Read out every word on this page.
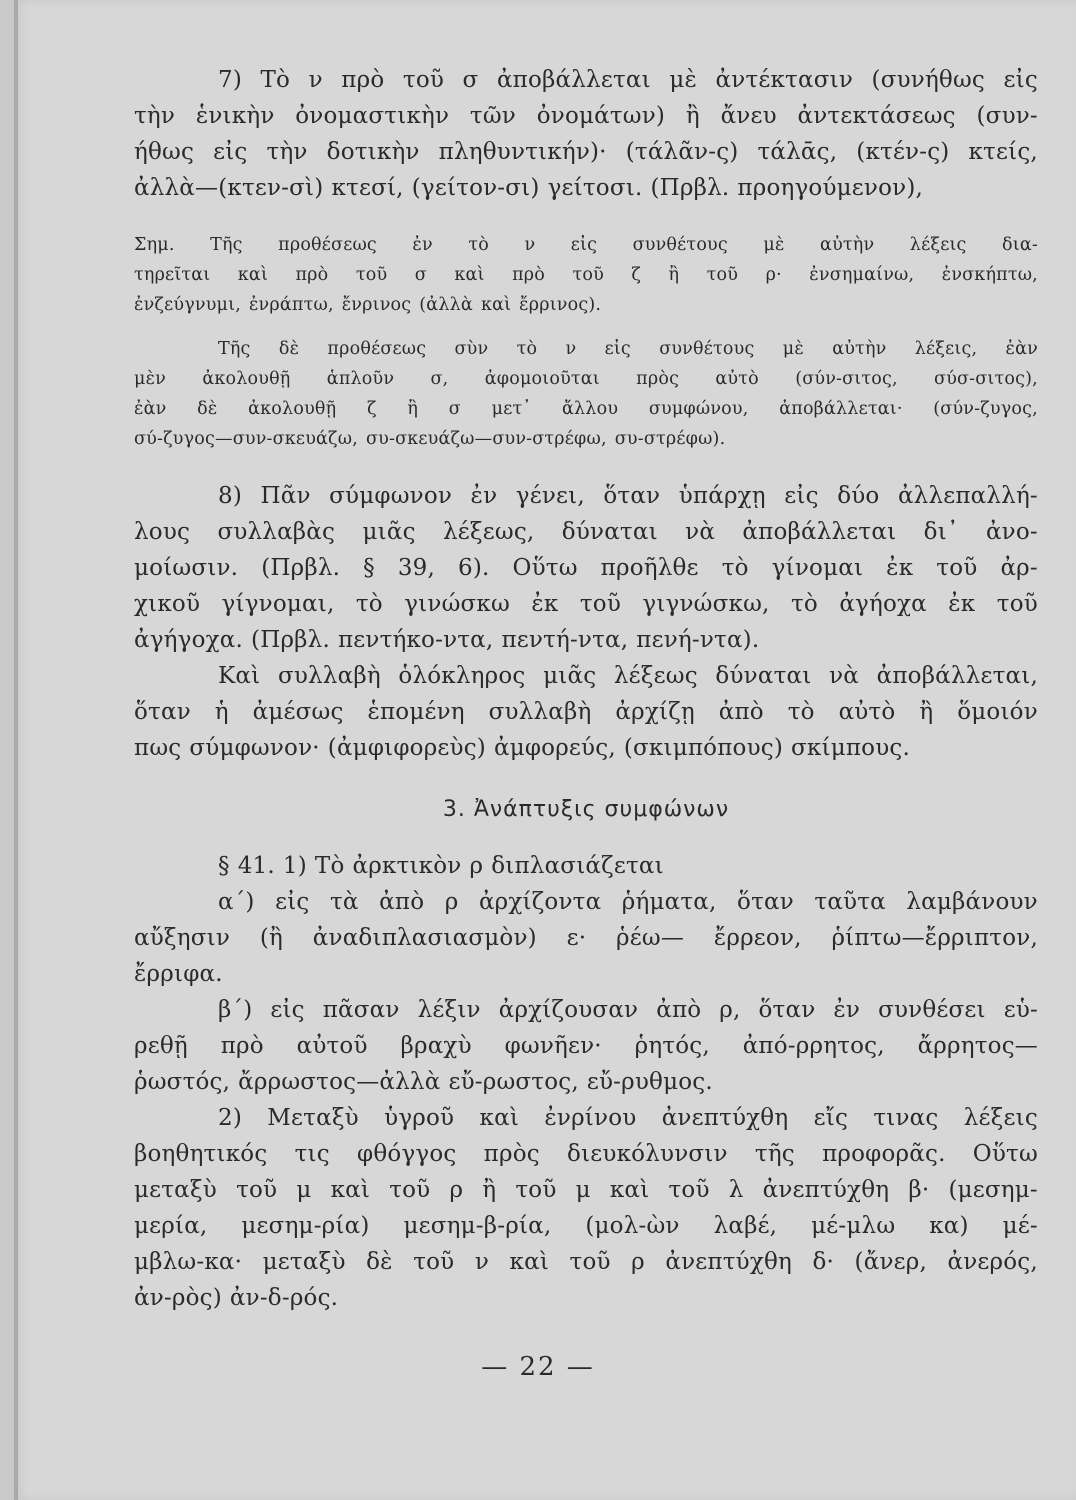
7) Τὸ ν πρὸ τοῦ σ ἀποβάλλεται μὲ ἀντέκτασιν (συνήθως εἰς
τὴν ἑνικὴν ὀνομαστικὴν τῶν ὀνομάτων) ἢ ἄνευ ἀντεκτάσεως (συν-
ήθως εἰς τὴν δοτικὴν πληθυντικήν)· (τάλᾶν-ς) τάλᾱς, (κτέν-ς) κτείς,
ἀλλὰ—(κτεν-σὶ) κτεσί, (γείτον-σι) γείτοσι. (Πρβλ. προηγούμενον),
Σημ. Τῆς προθέσεως ἐν τὸ ν εἰς συνθέτους μὲ αὐτὴν λέξεις δια-
τηρεῖται καὶ πρὸ τοῦ σ καὶ πρὸ τοῦ ζ ἢ τοῦ ρ· ἐνσημαίνω, ἐνσκήπτω,
ἐνζεύγνυμι, ἐνράπτω, ἔνρινος (ἀλλὰ καὶ ἔρρινος).
Τῆς δὲ προθέσεως σὺν τὸ ν εἰς συνθέτους μὲ αὐτὴν λέξεις, ἐὰν
μὲν ἀκολουθῇ ἁπλοῦν σ, ἀφομοιοῦται πρὸς αὐτὸ (σύν-σιτος, σύσ-σιτος),
ἐὰν δὲ ἀκολουθῇ ζ ἢ σ μετ᾽ ἄλλου συμφώνου, ἀποβάλλεται· (σύν-ζυγος,
σύ-ζυγος—συν-σκευάζω, συ-σκευάζω—συν-στρέφω, συ-στρέφω).
8) Πᾶν σύμφωνον ἐν γένει, ὅταν ὑπάρχῃ εἰς δύο ἀλλεπαλλή-
λους συλλαβὰς μιᾶς λέξεως, δύναται νὰ ἀποβάλλεται δι᾽ ἀνο-
μοίωσιν. (Πρβλ. § 39, 6). Οὕτω προῆλθε τὸ γίνομαι ἐκ τοῦ ἀρ-
χικοῦ γίγνομαι, τὸ γινώσκω ἐκ τοῦ γιγνώσκω, τὸ ἀγήοχα ἐκ τοῦ
ἀγήγοχα. (Πρβλ. πεντήκο-ντα, πεντή-ντα, πενή-ντα).
Καὶ συλλαβὴ ὁλόκληρος μιᾶς λέξεως δύναται νὰ ἀποβάλλεται,
ὅταν ἡ ἀμέσως ἑπομένη συλλαβὴ ἀρχίζῃ ἀπὸ τὸ αὐτὸ ἢ ὅμοιόν
πως σύμφωνον· (ἀμφιφορεὺς) ἀμφορεύς, (σκιμπόπους) σκίμπους.
3. Ἀνάπτυξις συμφώνων
§ 41. 1) Τὸ ἀρκτικὸν ρ διπλασιάζεται
α΄) εἰς τὰ ἀπὸ ρ ἀρχίζοντα ῥήματα, ὅταν ταῦτα λαμβάνουν
αὔξησιν (ἢ ἀναδιπλασιασμὸν) ε· ῥέω— ἔρρεον, ῥίπτω—ἔρριπτον,
ἔρριφα.
β΄) εἰς πᾶσαν λέξιν ἀρχίζουσαν ἀπὸ ρ, ὅταν ἐν συνθέσει εὑ-
ρεθῇ πρὸ αὐτοῦ βραχὺ φωνῆεν· ῥητός, ἀπό-ρρητος, ἄρρητος—
ῥωστός, ἄρρωστος—ἀλλὰ εὔ-ρωστος, εὔ-ρυθμος.
2) Μεταξὺ ὑγροῦ καὶ ἐνρίνου ἀνεπτύχθη εἴς τινας λέξεις
βοηθητικός τις φθόγγος πρὸς διευκόλυνσιν τῆς προφορᾶς. Οὕτω
μεταξὺ τοῦ μ καὶ τοῦ ρ ἢ τοῦ μ καὶ τοῦ λ ἀνεπτύχθη β· (μεσημ-
μερία, μεσημ-ρία) μεσημ-β-ρία, (μολ-ὼν λαβέ, μέ-μλω κα) μέ-
μβλω-κα· μεταξὺ δὲ τοῦ ν καὶ τοῦ ρ ἀνεπτύχθη δ· (ἄνερ, ἀνερός,
ἀν-ρὸς) ἀν-δ-ρός.
— 22 —
